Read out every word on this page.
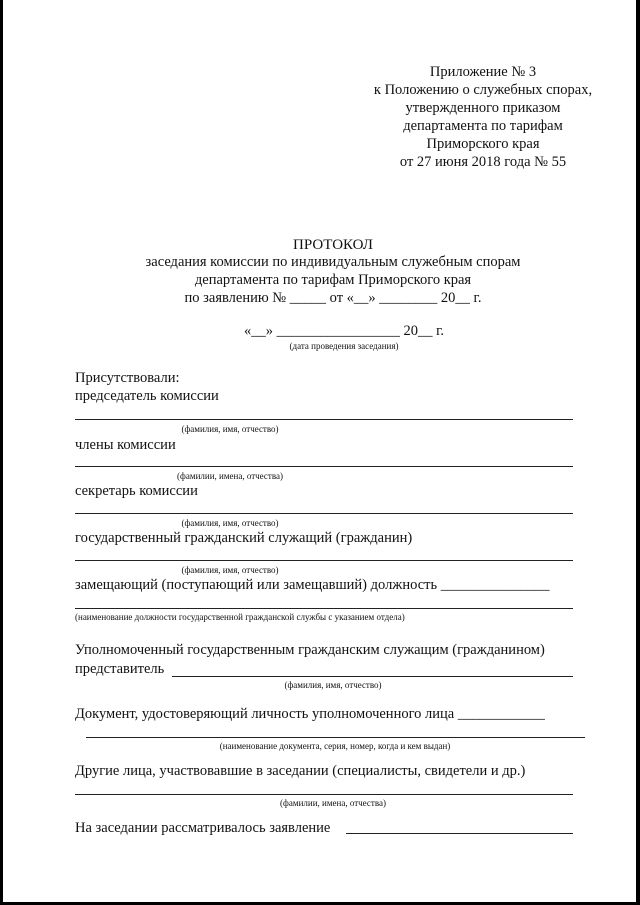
Приложение № 3
к Положению о служебных спорах,
утвержденного приказом
департамента по тарифам
Приморского края
от 27 июня 2018 года № 55
ПРОТОКОЛ
заседания комиссии по индивидуальным служебным спорам
департамента по тарифам Приморского края
по заявлению № _____ от «__» ________ 20__ г.
«__» _________________ 20__ г.
(дата проведения заседания)
Присутствовали:
председатель комиссии
(фамилия, имя, отчество)
члены комиссии
(фамилии, имена, отчества)
секретарь комиссии
(фамилия, имя, отчество)
государственный гражданский служащий (гражданин)
(фамилия, имя, отчество)
замещающий (поступающий или замещавший) должность _______________
(наименование должности государственной гражданской службы с указанием отдела)
Уполномоченный государственным гражданским служащим (гражданином)
представитель
(фамилия, имя, отчество)
Документ, удостоверяющий личность уполномоченного лица ____________
(наименование документа, серия, номер, когда и кем выдан)
Другие лица, участвовавшие в заседании (специалисты, свидетели и др.)
(фамилии, имена, отчества)
На заседании рассматривалось заявление
